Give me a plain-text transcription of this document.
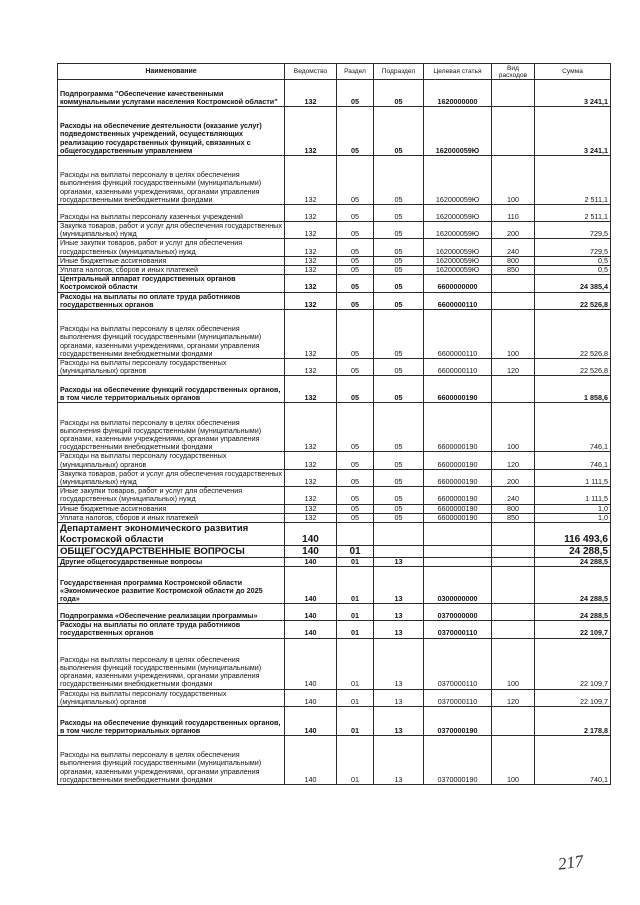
Наименование	Ведомство	Раздел	Подраздел	Целевая статья	Вид расходов	Сумма
Подпрограмма "Обеспечение качественными коммунальными услугами населения Костромской области"	132	05	05	1620000000		3 241,1
Расходы на обеспечение деятельности (оказание услуг) подведомственных учреждений, осуществляющих реализацию государственных функций, связанных с общегосударственным управлением	132	05	05	162000059Ю		3 241,1
Расходы на выплаты персоналу в целях обеспечения выполнения функций государственными (муниципальными) органами, казенными учреждениями, органами управления государственными внебюджетными фондами	132	05	05	162000059Ю	100	2 511,1
Расходы на выплаты персоналу казенных учреждений	132	05	05	162000059Ю	110	2 511,1
Закупка товаров, работ и услуг для обеспечения государственных (муниципальных) нужд	132	05	05	162000059Ю	200	729,5
Иные закупки товаров, работ и услуг для обеспечения государственных (муниципальных) нужд	132	05	05	162000059Ю	240	729,5
Иные бюджетные ассигнования	132	05	05	162000059Ю	800	0,5
Уплата налогов, сборов и иных платежей	132	05	05	162000059Ю	850	0,5
Центральный аппарат государственных органов Костромской области	132	05	05	6600000000		24 385,4
Расходы на выплаты по оплате труда работников государственных органов	132	05	05	6600000110		22 526,8
Расходы на выплаты персоналу в целях обеспечения выполнения функций государственными (муниципальными) органами, казенными учреждениями, органами управления государственными внебюджетными фондами	132	05	05	6600000110	100	22 526,8
Расходы на выплаты персоналу государственных (муниципальных) органов	132	05	05	6600000110	120	22 526,8
Расходы на обеспечение функций государственных органов, в том числе территориальных органов	132	05	05	6600000190		1 858,6
Расходы на выплаты персоналу в целях обеспечения выполнения функций государственными (муниципальными) органами, казенными учреждениями, органами управления государственными внебюджетными фондами	132	05	05	6600000190	100	746,1
Расходы на выплаты персоналу государственных (муниципальных) органов	132	05	05	6600000190	120	746,1
Закупка товаров, работ и услуг для обеспечения государственных (муниципальных) нужд	132	05	05	6600000190	200	1 111,5
Иные закупки товаров, работ и услуг для обеспечения государственных (муниципальных) нужд	132	05	05	6600000190	240	1 111,5
Иные бюджетные ассигнования	132	05	05	6600000190	800	1,0
Уплата налогов, сборов и иных платежей	132	05	05	6600000190	850	1,0
Департамент экономического развития Костромской области	140					116 493,6
ОБЩЕГОСУДАРСТВЕННЫЕ ВОПРОСЫ	140	01				24 288,5
Другие общегосударственные вопросы	140	01	13			24 288,5
Государственная программа Костромской области «Экономическое развитие Костромской области до 2025 года»	140	01	13	0300000000		24 288,5
Подпрограмма «Обеспечение реализации программы»	140	01	13	0370000000		24 288,5
Расходы на выплаты по оплате труда работников государственных органов	140	01	13	0370000110		22 109,7
Расходы на выплаты персоналу в целях обеспечения выполнения функций государственными (муниципальными) органами, казенными учреждениями, органами управления государственными внебюджетными фондами	140	01	13	0370000110	100	22 109,7
Расходы на выплаты персоналу государственных (муниципальных) органов	140	01	13	0370000110	120	22 109,7
Расходы на обеспечение функций государственных органов, в том числе территориальных органов	140	01	13	0370000190		2 178,8
Расходы на выплаты персоналу в целях обеспечения выполнения функций государственными (муниципальными) органами, казенными учреждениями, органами управления государственными внебюджетными фондами	140	01	13	0370000190	100	740,1
217
